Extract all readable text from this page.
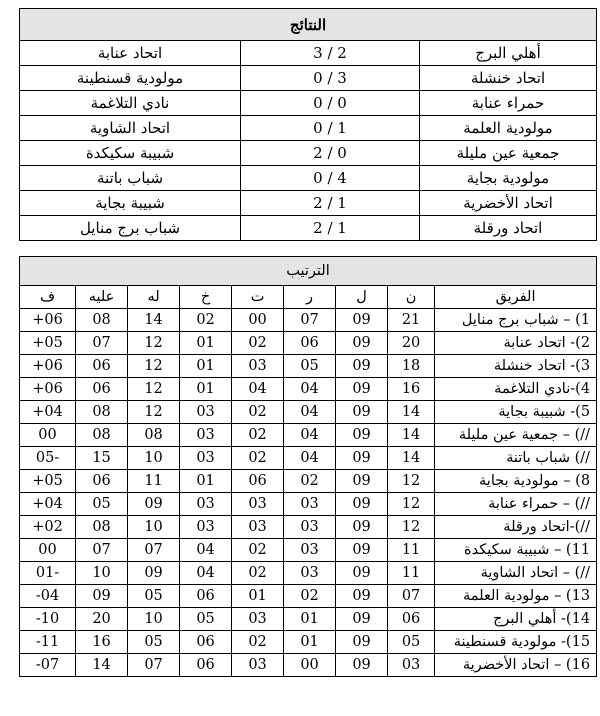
النتائج		
أهلي البرج	3 / 2	اتحاد عنابة
اتحاد خنشلة	0 / 3	مولودية قسنطينة
حمراء عنابة	0 / 0	نادي التلاغمة
مولودية العلمة	0 / 1	اتحاد الشاوية
جمعية عين مليلة	2 / 0	شبيبة سكيكدة
مولودية بجاية	0 / 4	شباب باتنة
اتحاد الأخضرية	2 / 1	شبيبة بجاية
اتحاد ورقلة	2 / 1	شباب برج منايل
الترتيب								
الفريق	ن	ل	ر	ت	خ	له	عليه	ف
1) – شباب برج منايل	21	09	07	00	02	14	08	+06
2)- اتحاد عنابة	20	09	06	02	01	12	07	+05
3)- اتحاد خنشلة	18	09	05	03	01	12	06	+06
4)-نادي التلاغمة	16	09	04	04	01	12	06	+06
5)- شبيبة بجاية	14	09	04	02	03	12	08	+04
//) – جمعية عين مليلة	14	09	04	02	03	08	08	00
//) شباب باتنة	14	09	04	02	03	10	15	05-
8) – مولودية بجاية	12	09	02	06	01	11	06	+05
//) – حمراء عنابة	12	09	03	03	03	09	05	+04
//)-اتحاد ورقلة	12	09	03	03	03	10	08	+02
11) – شبيبة سكيكدة	11	09	03	02	04	07	07	00
//) – اتحاد الشاوية	11	09	03	02	04	09	10	01-
13) – مولودية العلمة	07	09	02	01	06	05	09	-04
14)- أهلي البرج	06	09	01	03	05	10	20	-10
15)- مولودية قسنطينة	05	09	01	02	06	05	16	-11
16) – اتحاد الأخضرية	03	09	00	03	06	07	14	-07
